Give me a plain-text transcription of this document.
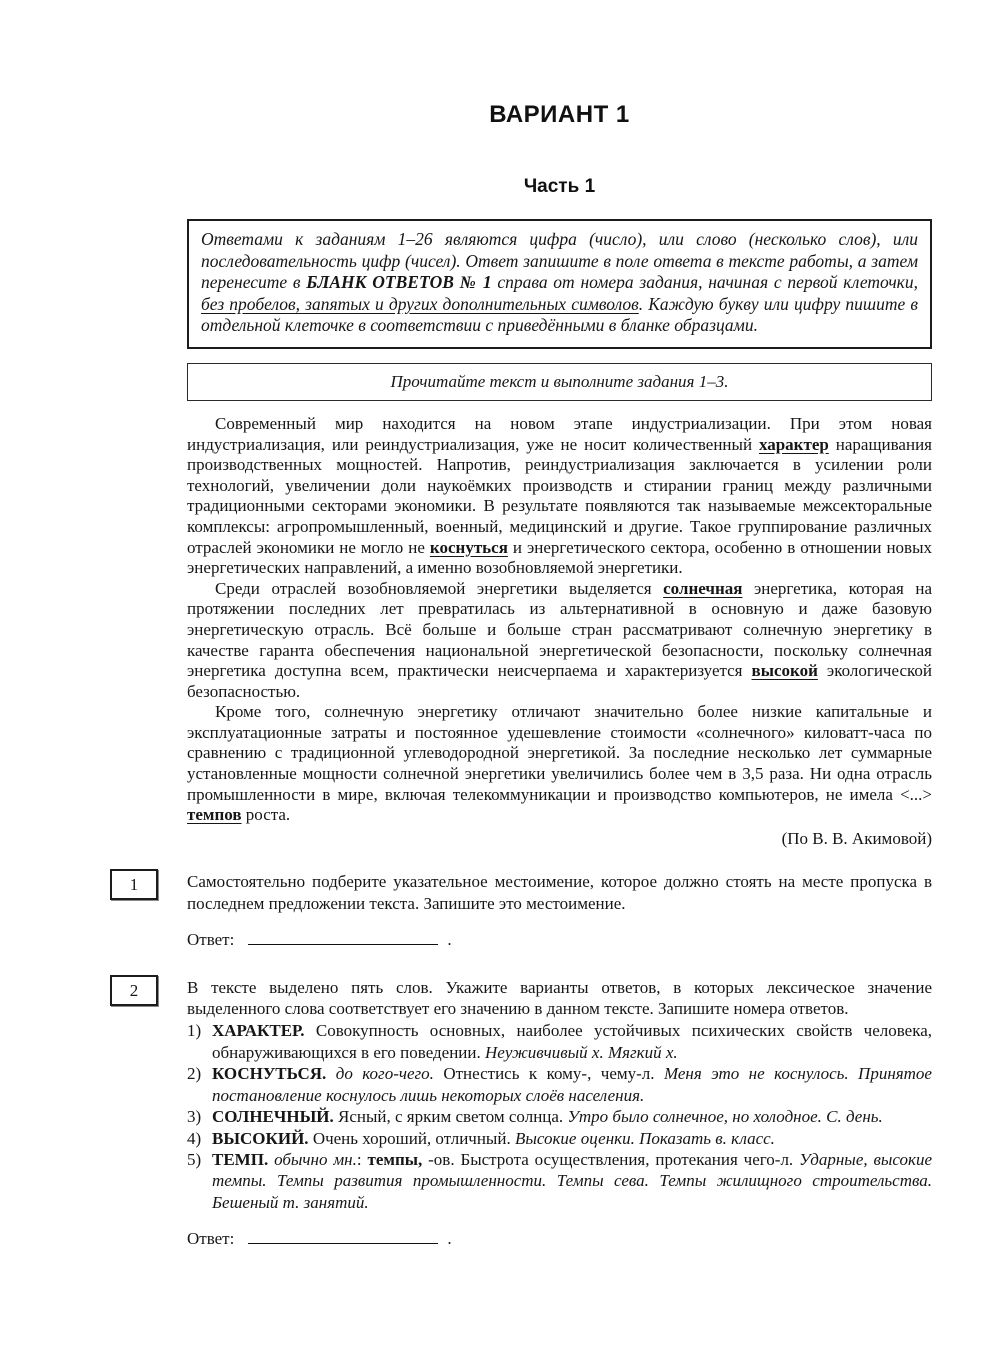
ВАРИАНТ 1
Часть 1
Ответами к заданиям 1–26 являются цифра (число), или слово (несколько слов), или последовательность цифр (чисел). Ответ запишите в поле ответа в тексте работы, а затем перенесите в БЛАНК ОТВЕТОВ № 1 справа от номера задания, начиная с первой клеточки, без пробелов, запятых и других дополнительных символов. Каждую букву или цифру пишите в отдельной клеточке в соответствии с приведёнными в бланке образцами.
Прочитайте текст и выполните задания 1–3.

Современный мир находится на новом этапе индустриализации. При этом новая индустриализация, или реиндустриализация, уже не носит количественный характер наращивания производственных мощностей. Напротив, реиндустриализация заключается в усилении роли технологий, увеличении доли наукоёмких производств и стирании границ между различными традиционными секторами экономики. В результате появляются так называемые межсекторальные комплексы: агропромышленный, военный, медицинский и другие. Такое группирование различных отраслей экономики не могло не коснуться и энергетического сектора, особенно в отношении новых энергетических направлений, а именно возобновляемой энергетики.

Среди отраслей возобновляемой энергетики выделяется солнечная энергетика, которая на протяжении последних лет превратилась из альтернативной в основную и даже базовую энергетическую отрасль. Всё больше и больше стран рассматривают солнечную энергетику в качестве гаранта обеспечения национальной энергетической безопасности, поскольку солнечная энергетика доступна всем, практически неисчерпаема и характеризуется высокой экологической безопасностью.

Кроме того, солнечную энергетику отличают значительно более низкие капитальные и эксплуатационные затраты и постоянное удешевление стоимости «солнечного» киловатт-часа по сравнению с традиционной углеводородной энергетикой. За последние несколько лет суммарные установленные мощности солнечной энергетики увеличились более чем в 3,5 раза. Ни одна отрасль промышленности в мире, включая телекоммуникации и производство компьютеров, не имела <...> темпов роста.

(По В. В. Акимовой)
1	Самостоятельно подберите указательное местоимение, которое должно стоять на месте пропуска в последнем предложении текста. Запишите это местоимение.

Ответ:	.
2	В тексте выделено пять слов. Укажите варианты ответов, в которых лексическое значение выделенного слова соответствует его значению в данном тексте. Запишите номера ответов.

1) ХАРАКТЕР. Совокупность основных, наиболее устойчивых психических свойств человека, обнаруживающихся в его поведении. Неуживчивый х. Мягкий х.

2) КОСНУТЬСЯ. до кого-чего. Отнестись к кому-, чему-л. Меня это не коснулось. Принятое постановление коснулось лишь некоторых слоёв населения.

3) СОЛНЕЧНЫЙ. Ясный, с ярким светом солнца. Утро было солнечное, но холодное. С. день.

4) ВЫСОКИЙ. Очень хороший, отличный. Высокие оценки. Показать в. класс.

5) ТЕМП. обычно мн.: темпы, -ов. Быстрота осуществления, протекания чего-л. Ударные, высокие темпы. Темпы развития промышленности. Темпы сева. Темпы жилищного строительства. Бешеный т. занятий.

Ответ:	.
